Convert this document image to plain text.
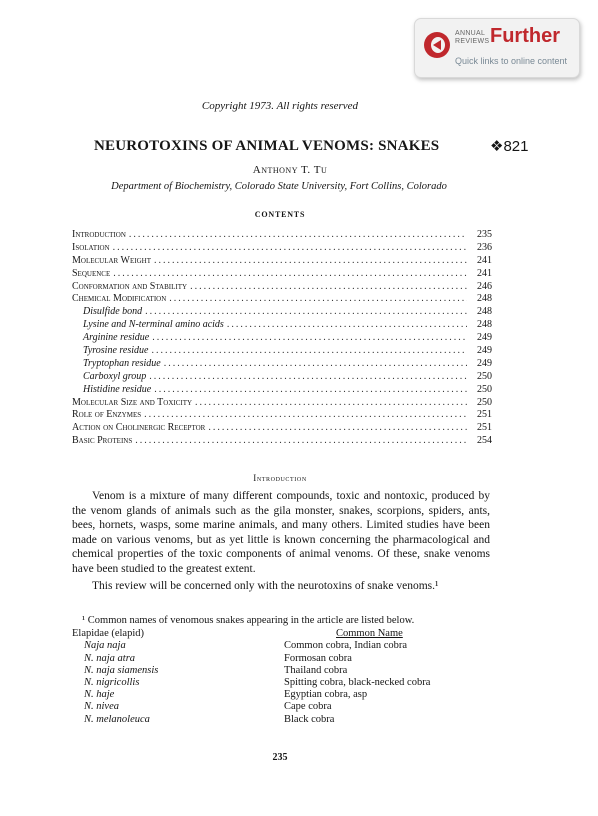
ANNUAL REVIEWS Further
Quick links to online content
Copyright 1973. All rights reserved
NEUROTOXINS OF ANIMAL VENOMS: SNAKES	❖821
Anthony T. Tu
Department of Biochemistry, Colorado State University, Fort Collins, Colorado
CONTENTS
Introduction .....	235
Isolation .....	236
Molecular Weight .....	241
Sequence .....	241
Conformation and Stability .....	246
Chemical Modification .....	248
Disulfide bond .....	248
Lysine and N-terminal amino acids .....	248
Arginine residue .....	249
Tyrosine residue .....	249
Tryptophan residue .....	249
Carboxyl group .....	250
Histidine residue .....	250
Molecular Size and Toxicity .....	250
Role of Enzymes .....	251
Action on Cholinergic Receptor .....	251
Basic Proteins .....	254
Introduction

Venom is a mixture of many different compounds, toxic and nontoxic, produced by the venom glands of animals such as the gila monster, snakes, scorpions, spiders, ants, bees, hornets, wasps, some marine animals, and many others. Limited studies have been made on various venoms, but as yet little is known concerning the pharmacological and chemical properties of the toxic components of animal venoms. Of these, snake venoms have been studied to the greatest extent.

This review will be concerned only with the neurotoxins of snake venoms.¹

¹ Common names of venomous snakes appearing in the article are listed below.
Elapidae (elapid)	Common Name
Naja naja	Common cobra, Indian cobra
N. naja atra	Formosan cobra
N. naja siamensis	Thailand cobra
N. nigricollis	Spitting cobra, black-necked cobra
N. haje	Egyptian cobra, asp
N. nivea	Cape cobra
N. melanoleuca	Black cobra
235
